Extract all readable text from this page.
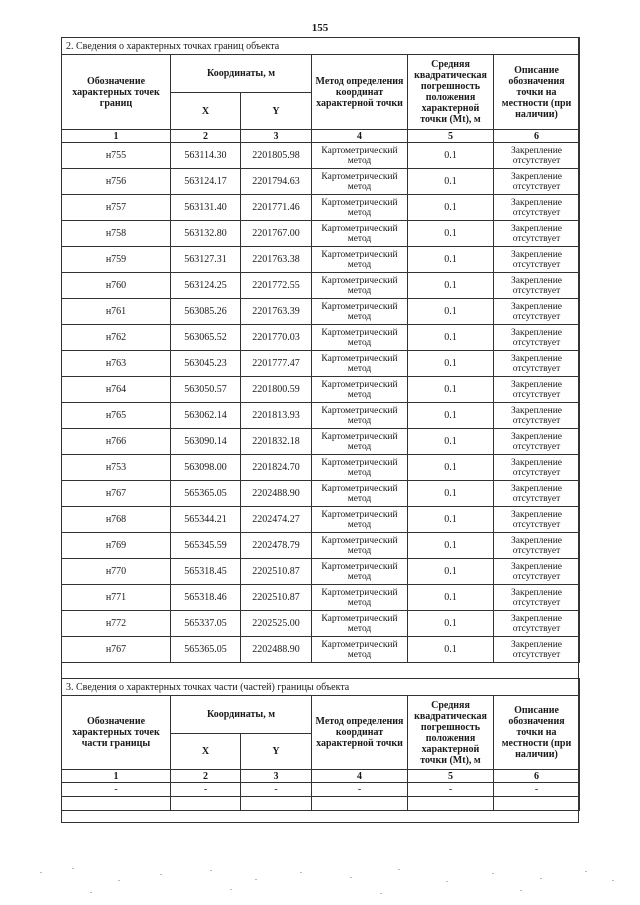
155
2. Сведения о характерных точках границ объекта					
Обозначение характерных точек границ	Координаты, м		Метод определения координат характерной точки	Средняя квадратическая погрешность положения характерной точки (Mt), м	Описание обозначения точки на местности (при наличии)
	X	Y			
1	2	3	4	5	6
н755	563114.30	2201805.98	Картометрический метод	0.1	Закрепление отсутствует
н756	563124.17	2201794.63	Картометрический метод	0.1	Закрепление отсутствует
н757	563131.40	2201771.46	Картометрический метод	0.1	Закрепление отсутствует
н758	563132.80	2201767.00	Картометрический метод	0.1	Закрепление отсутствует
н759	563127.31	2201763.38	Картометрический метод	0.1	Закрепление отсутствует
н760	563124.25	2201772.55	Картометрический метод	0.1	Закрепление отсутствует
н761	563085.26	2201763.39	Картометрический метод	0.1	Закрепление отсутствует
н762	563065.52	2201770.03	Картометрический метод	0.1	Закрепление отсутствует
н763	563045.23	2201777.47	Картометрический метод	0.1	Закрепление отсутствует
н764	563050.57	2201800.59	Картометрический метод	0.1	Закрепление отсутствует
н765	563062.14	2201813.93	Картометрический метод	0.1	Закрепление отсутствует
н766	563090.14	2201832.18	Картометрический метод	0.1	Закрепление отсутствует
н753	563098.00	2201824.70	Картометрический метод	0.1	Закрепление отсутствует
н767	565365.05	2202488.90	Картометрический метод	0.1	Закрепление отсутствует
н768	565344.21	2202474.27	Картометрический метод	0.1	Закрепление отсутствует
н769	565345.59	2202478.79	Картометрический метод	0.1	Закрепление отсутствует
н770	565318.45	2202510.87	Картометрический метод	0.1	Закрепление отсутствует
н771	565318.46	2202510.87	Картометрический метод	0.1	Закрепление отсутствует
н772	565337.05	2202525.00	Картометрический метод	0.1	Закрепление отсутствует
н767	565365.05	2202488.90	Картометрический метод	0.1	Закрепление отсутствует
3. Сведения о характерных точках части (частей) границы объекта					
Обозначение характерных точек части границы	Координаты, м		Метод определения координат характерной точки	Средняя квадратическая погрешность положения характерной точки (Mt), м	Описание обозначения точки на местности (при наличии)
	X	Y			
1	2	3	4	5	6
-	-	-	-	-	-
